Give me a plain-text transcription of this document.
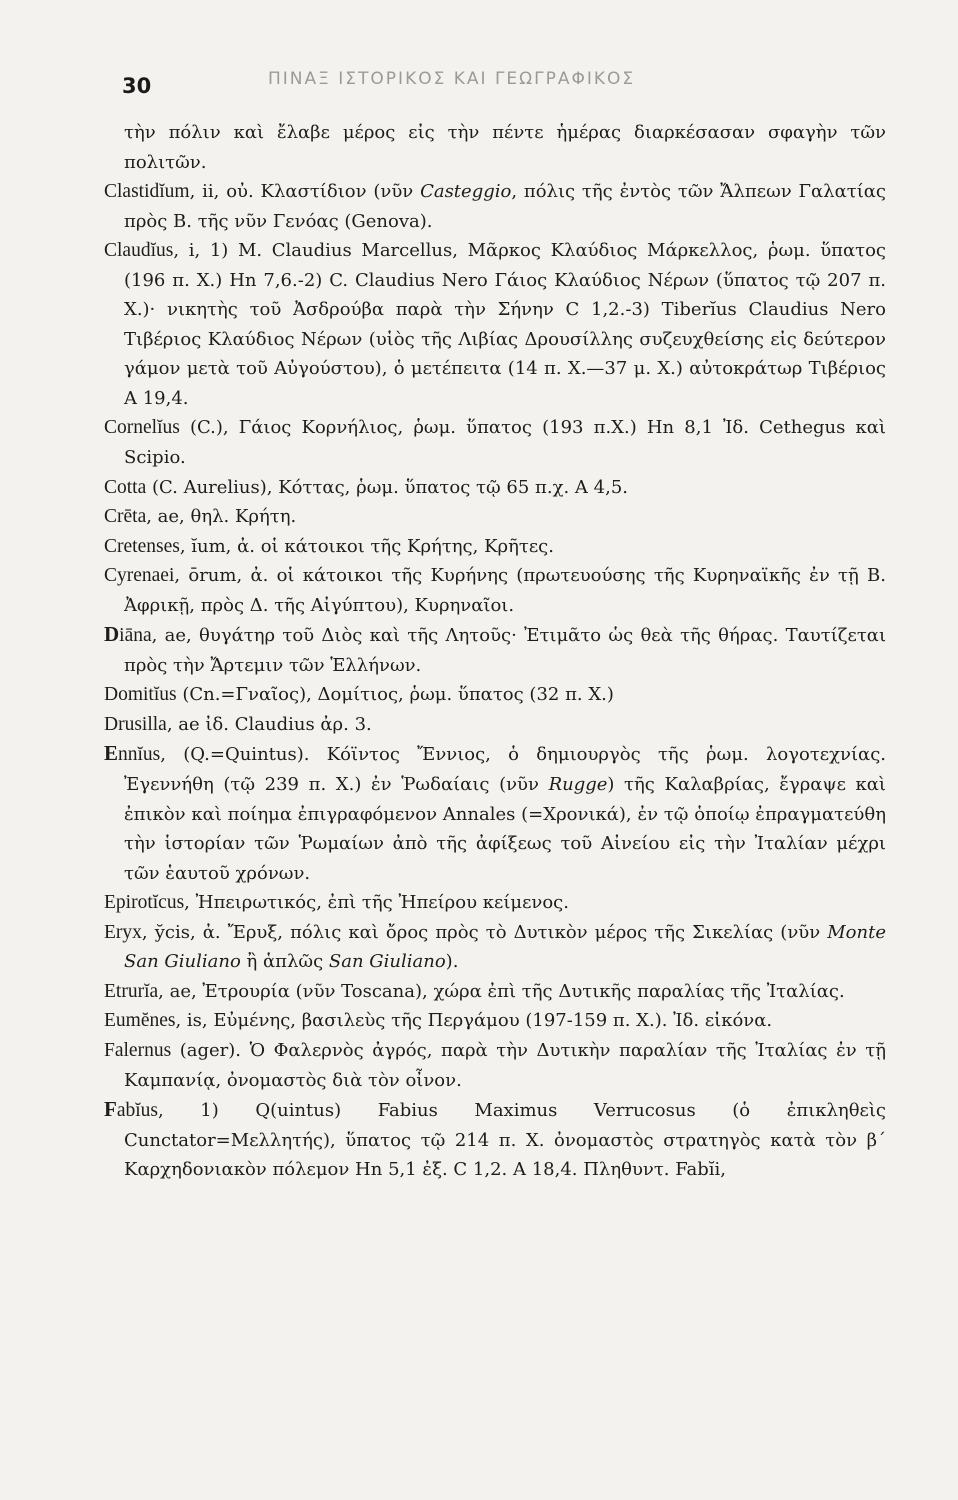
30	ΠΙΝΑΞ ΙΣΤΟΡΙΚΟΣ ΚΑΙ ΓΕΩΓΡΑΦΙΚΟΣ
τὴν πόλιν καὶ ἔλαβε μέρος εἰς τὴν πέντε ἡμέρας διαρκέσασαν σφαγὴν τῶν πολιτῶν.
Clastidĭum, ii, οὐ. Κλαστίδιον (νῦν Casteggio, πόλις τῆς ἐντὸς τῶν Ἄλπεων Γαλατίας πρὸς Β. τῆς νῦν Γενόας (Genova).
Claudĭus, i, 1) M. Claudius Marcellus, Μᾶρκος Κλαύδιος Μάρκελλος, ῥωμ. ὕπατος (196 π. Χ.) Hn 7,6.-2) C. Claudius Nero Γάιος Κλαύδιος Νέρων (ὕπατος τῷ 207 π. Χ.)· νικητὴς τοῦ Ἀσδρούβα παρὰ τὴν Σήνην C 1,2.-3) Tiberĭus Claudius Nero Τιβέριος Κλαύδιος Νέρων (υἱὸς τῆς Λιβίας Δρουσίλλης συζευχθείσης εἰς δεύτερον γάμον μετὰ τοῦ Αὐγούστου), ὁ μετέπειτα (14 π. Χ.—37 μ. Χ.) αὐτοκράτωρ Τιβέριος A 19,4.
Cornelĭus (C.), Γάιος Κορνήλιος, ῥωμ. ὕπατος (193 π.Χ.) Hn 8,1 Ἰδ. Cethegus καὶ Scipio.
Cotta (C. Aurelius), Κόττας, ῥωμ. ὕπατος τῷ 65 π.χ. A 4,5.
Crēta, ae, θηλ. Κρήτη.
Cretenses, ĭum, ἀ. οἱ κάτοικοι τῆς Κρήτης, Κρῆτες.
Cyrenaei, ōrum, ἀ. οἱ κάτοικοι τῆς Κυρήνης (πρωτευούσης τῆς Κυρηναϊκῆς ἐν τῇ Β. Ἀφρικῇ, πρὸς Δ. τῆς Αἰγύπτου), Κυρηναῖοι.
Diāna, ae, θυγάτηρ τοῦ Διὸς καὶ τῆς Λητοῦς· Ἐτιμᾶτο ὡς θεὰ τῆς θήρας. Ταυτίζεται πρὸς τὴν Ἄρτεμιν τῶν Ἑλλήνων.
Domitĭus (Cn.=Γναῖος), Δομίτιος, ῥωμ. ὕπατος (32 π. Χ.)
Drusilla, ae ἰδ. Claudius ἀρ. 3.
Ennĭus, (Q.=Quintus). Κόϊντος Ἔννιος, ὁ δημιουργὸς τῆς ῥωμ. λογοτεχνίας. Ἐγεννήθη (τῷ 239 π. Χ.) ἐν Ῥωδαίαις (νῦν Rugge) τῆς Καλαβρίας, ἔγραψε καὶ ἐπικὸν καὶ ποίημα ἐπιγραφόμενον Annales (=Χρονικά), ἐν τῷ ὁποίῳ ἐπραγματεύθη τὴν ἱστορίαν τῶν Ῥωμαίων ἀπὸ τῆς ἀφίξεως τοῦ Αἰνείου εἰς τὴν Ἰταλίαν μέχρι τῶν ἑαυτοῦ χρόνων.
Epirotĭcus, Ἠπειρωτικός, ἐπὶ τῆς Ἠπείρου κείμενος.
Eryx, y̆cis, ἀ. Ἔρυξ, πόλις καὶ ὄρος πρὸς τὸ Δυτικὸν μέρος τῆς Σικελίας (νῦν Monte San Giuliano ἢ ἁπλῶς San Giuliano).
Etrurĭa, ae, Ἐτρουρία (νῦν Toscana), χώρα ἐπὶ τῆς Δυτικῆς παραλίας τῆς Ἰταλίας.
Eumĕnes, is, Εὐμένης, βασιλεὺς τῆς Περγάμου (197-159 π. Χ.). Ἰδ. εἰκόνα.
Falernus (ager). Ὁ Φαλερνὸς ἀγρός, παρὰ τὴν Δυτικὴν παραλίαν τῆς Ἰταλίας ἐν τῇ Καμπανίᾳ, ὀνομαστὸς διὰ τὸν οἶνον.
Fabĭus, 1) Q(uintus) Fabius Maximus Verrucosus (ὁ ἐπικληθεὶς Cunctator=Μελλητής), ὕπατος τῷ 214 π. Χ. ὀνομαστὸς στρατηγὸς κατὰ τὸν β´ Καρχηδονιακὸν πόλεμον Hn 5,1 ἐξ. C 1,2. A 18,4. Πληθυντ. Fabĭi,
